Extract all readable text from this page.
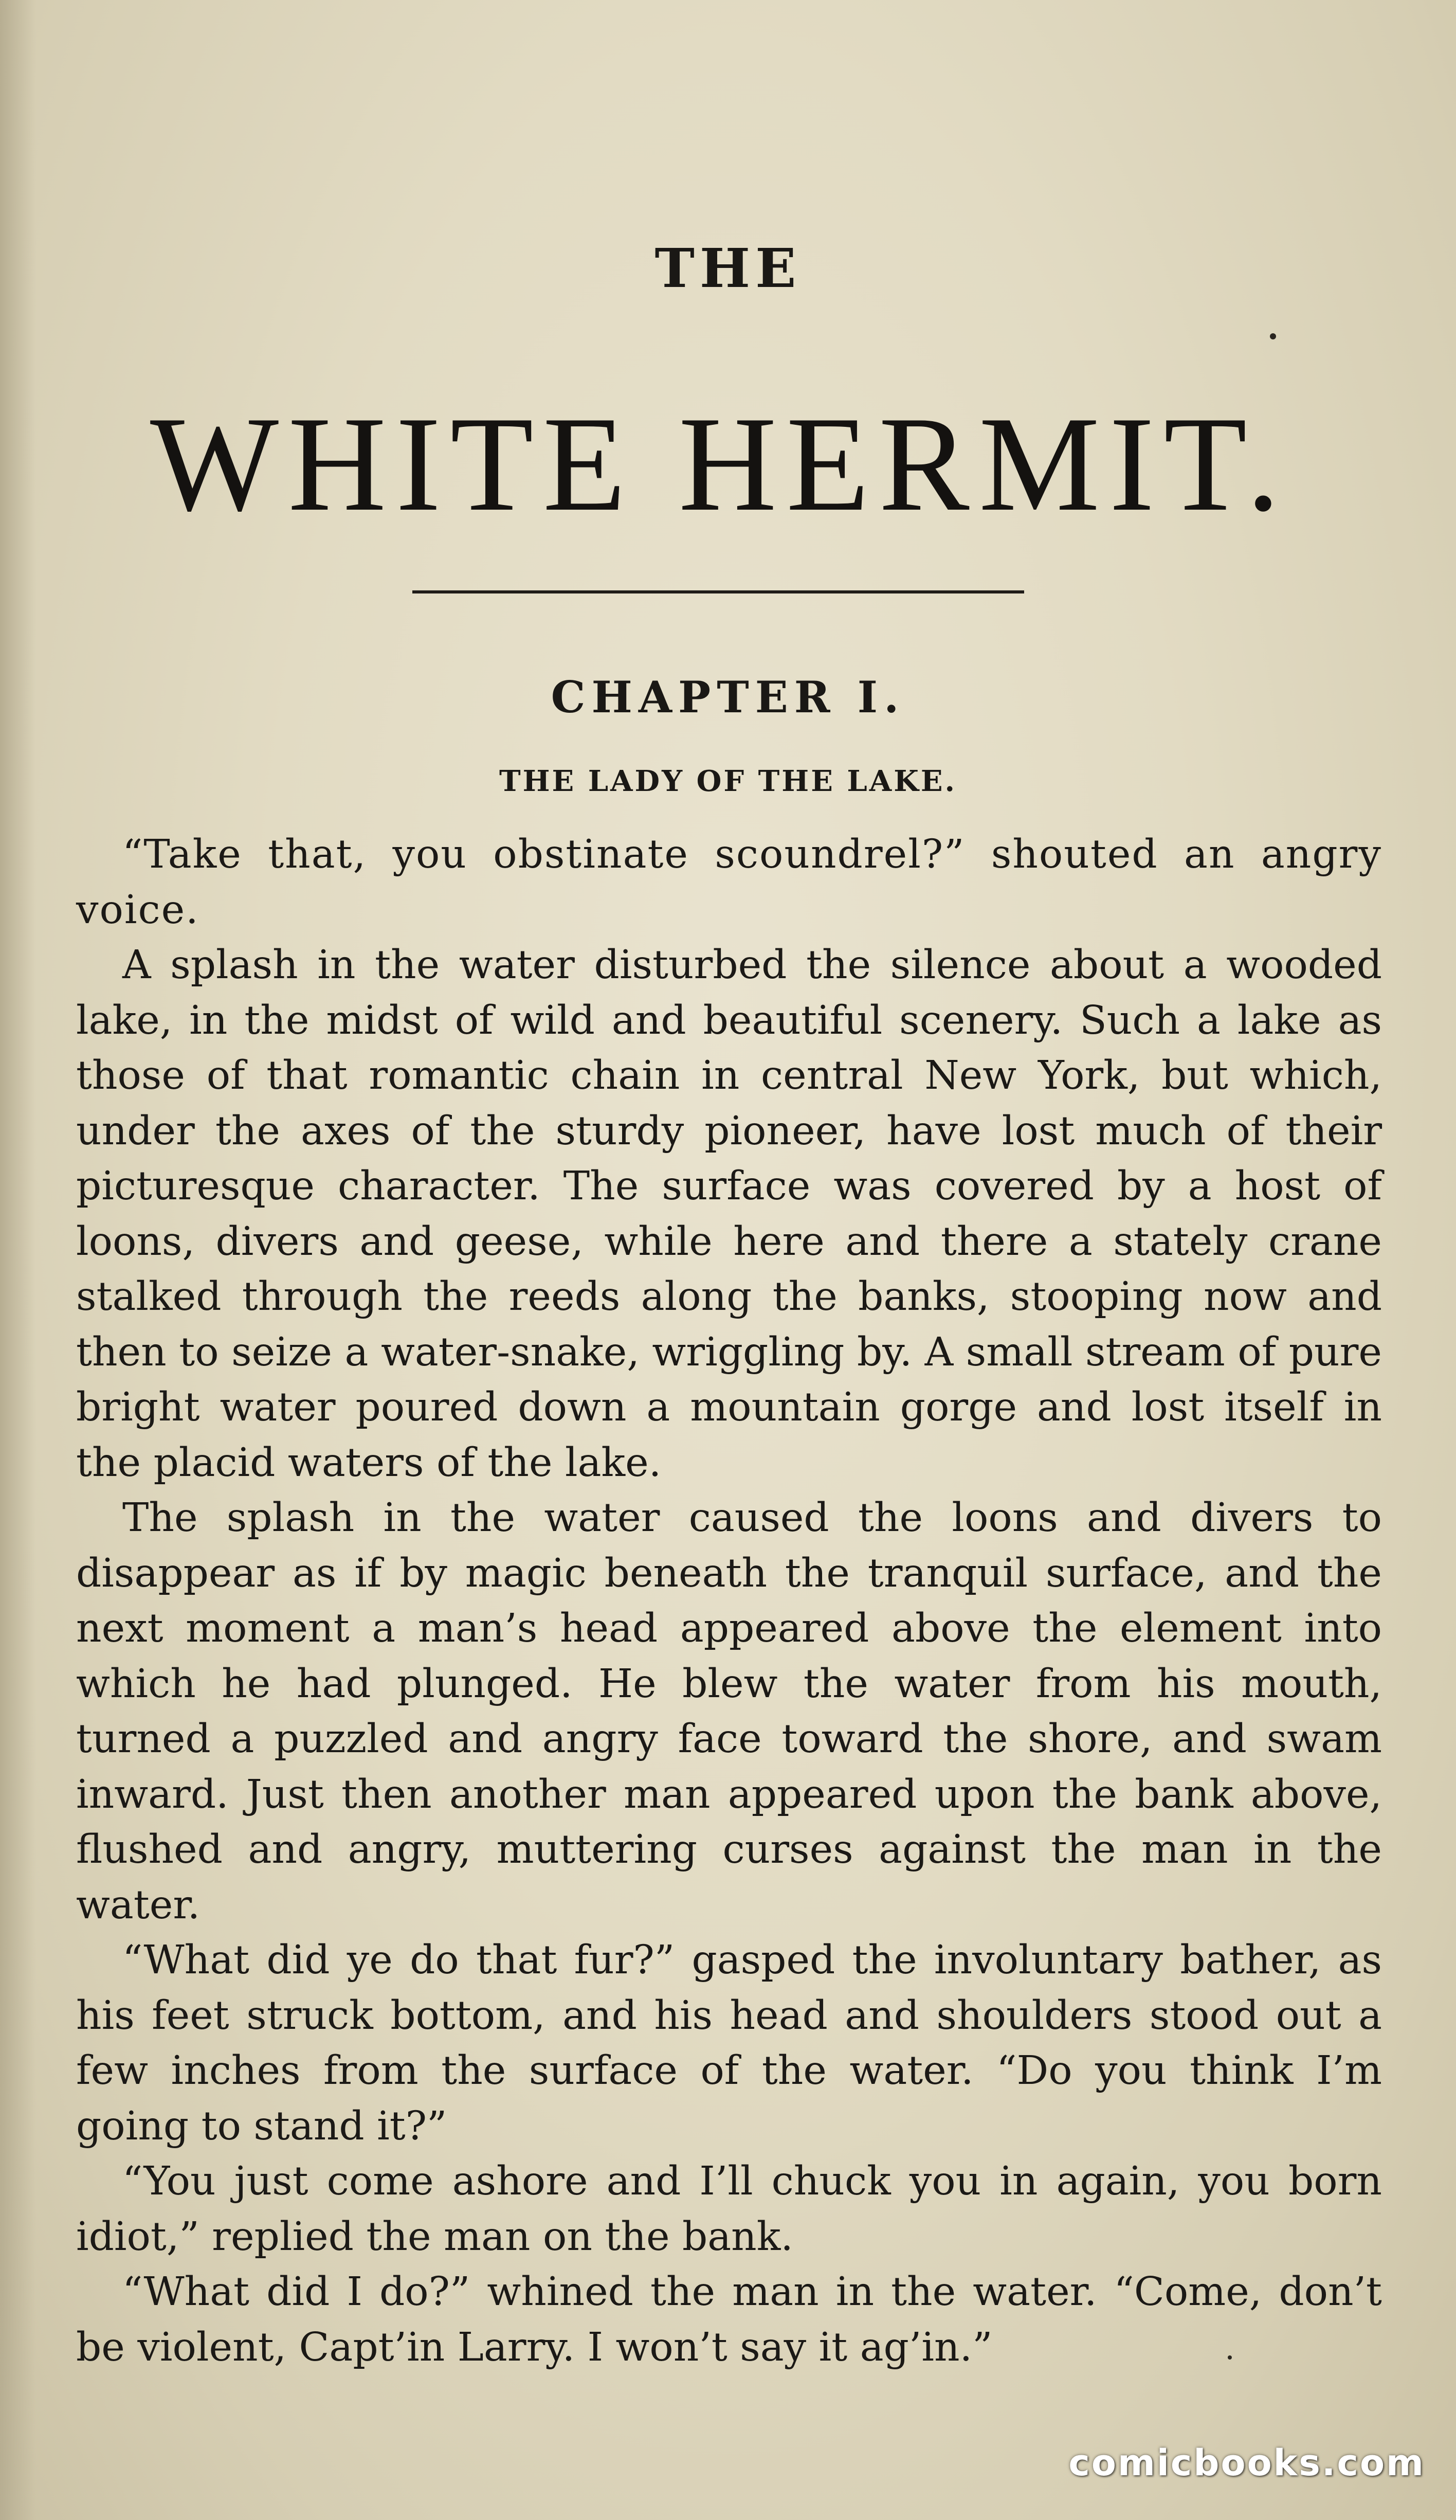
THE
WHITE HERMIT.
CHAPTER I.
THE LADY OF THE LAKE.

“Take that, you obstinate scoundrel?” shouted an angry voice.

A splash in the water disturbed the silence about a wooded lake, in the midst of wild and beautiful scenery. Such a lake as those of that romantic chain in central New York, but which, under the axes of the sturdy pioneer, have lost much of their picturesque character. The surface was covered by a host of loons, divers and geese, while here and there a stately crane stalked through the reeds along the banks, stooping now and then to seize a water-snake, wriggling by. A small stream of pure bright water poured down a mountain gorge and lost itself in the placid waters of the lake.

The splash in the water caused the loons and divers to disappear as if by magic beneath the tranquil surface, and the next moment a man’s head appeared above the element into which he had plunged. He blew the water from his mouth, turned a puzzled and angry face toward the shore, and swam inward. Just then another man appeared upon the bank above, flushed and angry, muttering curses against the man in the water.

“What did ye do that fur?” gasped the involuntary bather, as his feet struck bottom, and his head and shoulders stood out a few inches from the surface of the water. “Do you think I’m going to stand it?”

“You just come ashore and I’ll chuck you in again, you born idiot,” replied the man on the bank.

“What did I do?” whined the man in the water. “Come, don’t be violent, Capt’in Larry. I won’t say it ag’in.”

comicbooks.com
